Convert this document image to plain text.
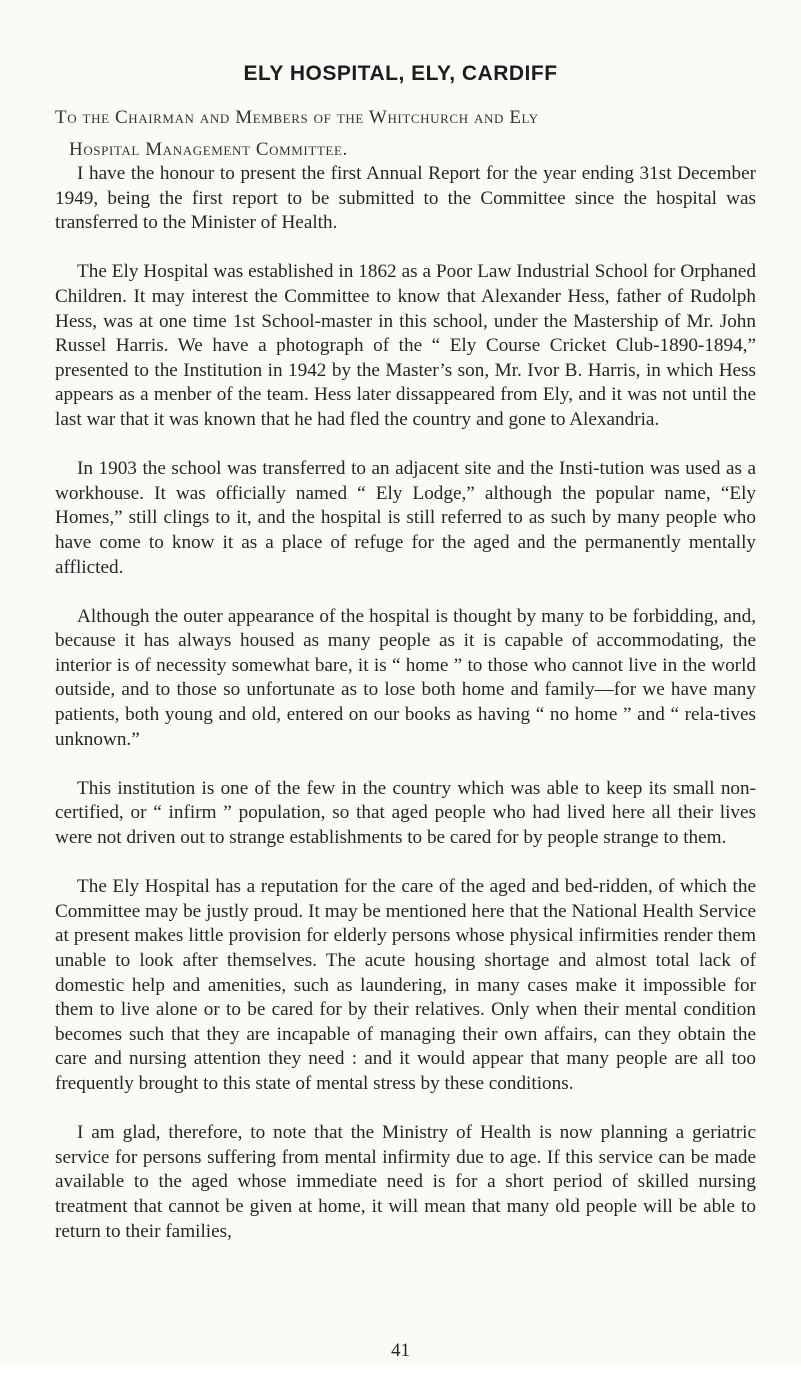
ELY HOSPITAL, ELY, CARDIFF
To the Chairman and Members of the Whitchurch and Ely
Hospital Management Committee.

I have the honour to present the first Annual Report for the year ending 31st December 1949, being the first report to be submitted to the Committee since the hospital was transferred to the Minister of Health.

The Ely Hospital was established in 1862 as a Poor Law Industrial School for Orphaned Children. It may interest the Committee to know that Alexander Hess, father of Rudolph Hess, was at one time 1st School-master in this school, under the Mastership of Mr. John Russel Harris. We have a photograph of the “ Ely Course Cricket Club-1890-1894,” presented to the Institution in 1942 by the Master’s son, Mr. Ivor B. Harris, in which Hess appears as a menber of the team. Hess later dissappeared from Ely, and it was not until the last war that it was known that he had fled the country and gone to Alexandria.

In 1903 the school was transferred to an adjacent site and the Insti-tution was used as a workhouse. It was officially named “ Ely Lodge,” although the popular name, “Ely Homes,” still clings to it, and the hospital is still referred to as such by many people who have come to know it as a place of refuge for the aged and the permanently mentally afflicted.

Although the outer appearance of the hospital is thought by many to be forbidding, and, because it has always housed as many people as it is capable of accommodating, the interior is of necessity somewhat bare, it is “ home ” to those who cannot live in the world outside, and to those so unfortunate as to lose both home and family—for we have many patients, both young and old, entered on our books as having “ no home ” and “ rela-tives unknown.”

This institution is one of the few in the country which was able to keep its small non-certified, or “ infirm ” population, so that aged people who had lived here all their lives were not driven out to strange establishments to be cared for by people strange to them.

The Ely Hospital has a reputation for the care of the aged and bed-ridden, of which the Committee may be justly proud. It may be mentioned here that the National Health Service at present makes little provision for elderly persons whose physical infirmities render them unable to look after themselves. The acute housing shortage and almost total lack of domestic help and amenities, such as laundering, in many cases make it impossible for them to live alone or to be cared for by their relatives. Only when their mental condition becomes such that they are incapable of managing their own affairs, can they obtain the care and nursing attention they need : and it would appear that many people are all too frequently brought to this state of mental stress by these conditions.

I am glad, therefore, to note that the Ministry of Health is now planning a geriatric service for persons suffering from mental infirmity due to age. If this service can be made available to the aged whose immediate need is for a short period of skilled nursing treatment that cannot be given at home, it will mean that many old people will be able to return to their families,

41
